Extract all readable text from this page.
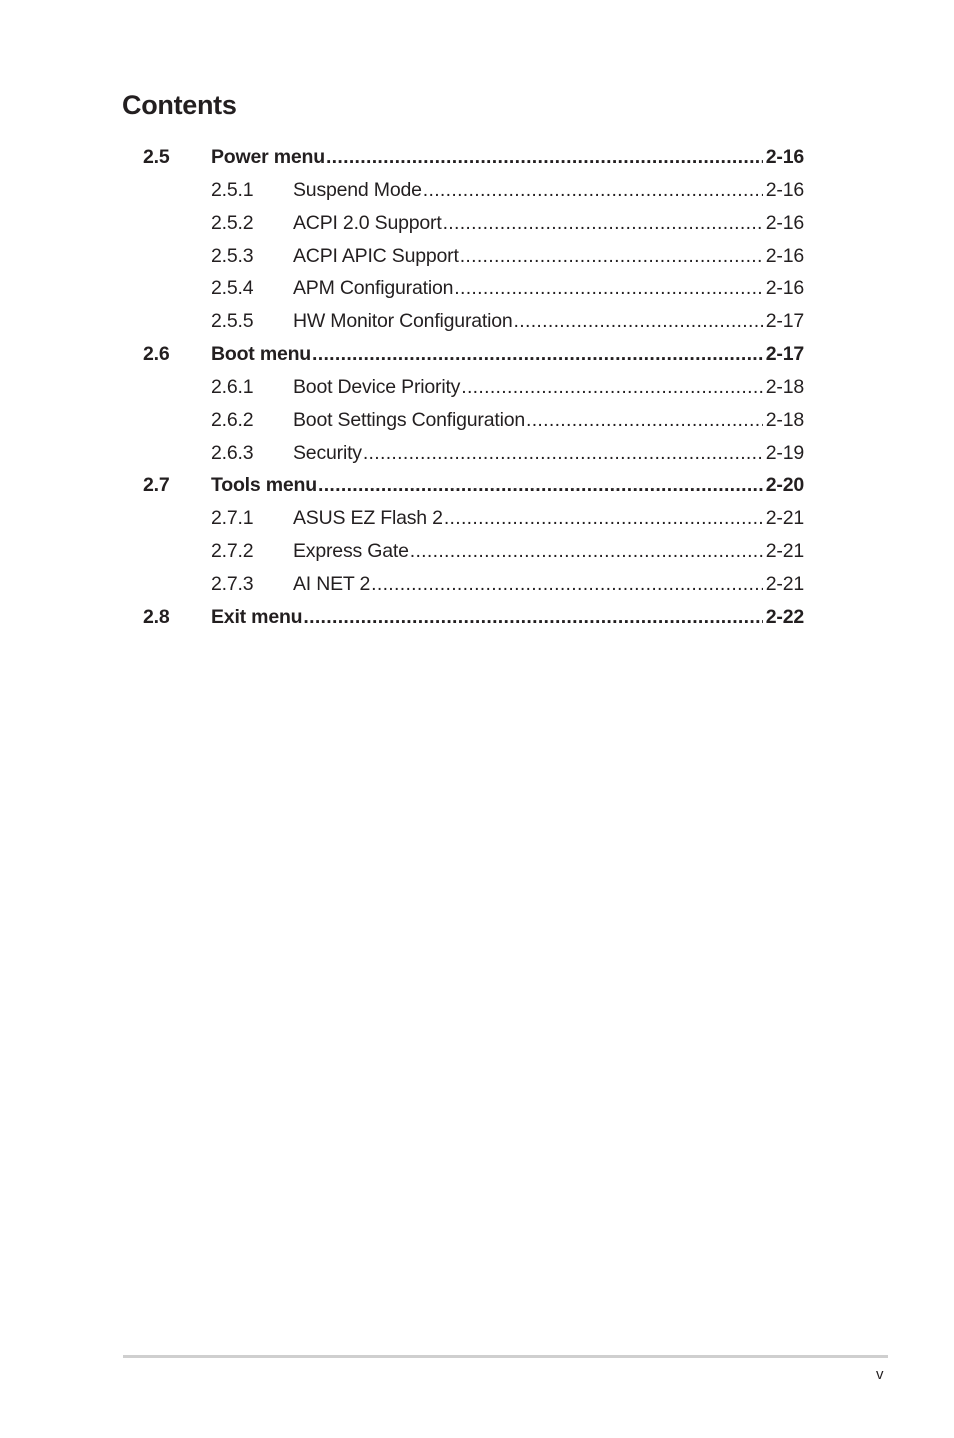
Contents
2.5	Power menu .....	2-16
2.5.1	Suspend Mode .....	2-16
2.5.2	ACPI 2.0 Support .....	2-16
2.5.3	ACPI APIC Support .....	2-16
2.5.4	APM Configuration .....	2-16
2.5.5	HW Monitor Configuration .....	2-17
2.6	Boot menu .....	2-17
2.6.1	Boot Device Priority .....	2-18
2.6.2	Boot Settings Configuration .....	2-18
2.6.3	Security .....	2-19
2.7	Tools menu .....	2-20
2.7.1	ASUS EZ Flash 2 .....	2-21
2.7.2	Express Gate .....	2-21
2.7.3	AI NET 2 .....	2-21
2.8	Exit menu .....	2-22
v
